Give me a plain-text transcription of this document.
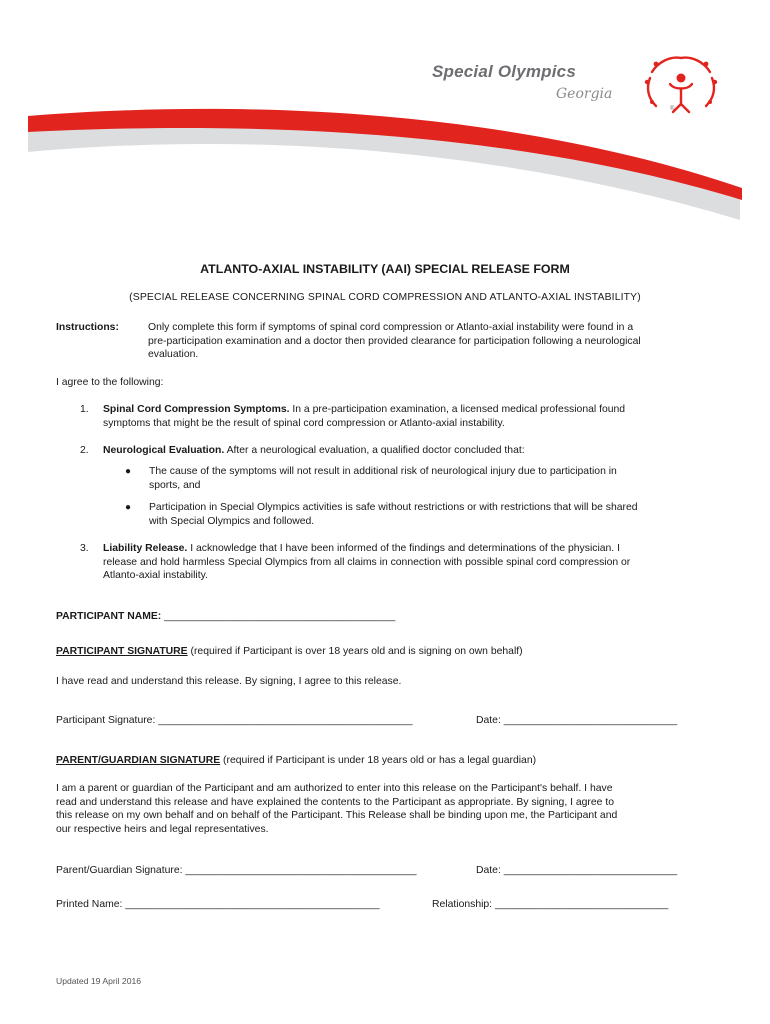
Special Olympics
Georgia
®
ATLANTO-AXIAL INSTABILITY (AAI) SPECIAL RELEASE FORM
(SPECIAL RELEASE CONCERNING SPINAL CORD COMPRESSION AND ATLANTO-AXIAL INSTABILITY)
Instructions:	Only complete this form if symptoms of spinal cord compression or Atlanto-axial instability were found in a
pre-participation examination and a doctor then provided clearance for participation following a neurological
evaluation.
I agree to the following:
1. Spinal Cord Compression Symptoms. In a pre-participation examination, a licensed medical professional found
symptoms that might be the result of spinal cord compression or Atlanto-axial instability.
2. Neurological Evaluation. After a neurological evaluation, a qualified doctor concluded that:
● The cause of the symptoms will not result in additional risk of neurological injury due to participation in
sports, and
● Participation in Special Olympics activities is safe without restrictions or with restrictions that will be shared
with Special Olympics and followed.
3. Liability Release. I acknowledge that I have been informed of the findings and determinations of the physician. I
release and hold harmless Special Olympics from all claims in connection with possible spinal cord compression or
Atlanto-axial instability.
PARTICIPANT NAME: ________________________________________
PARTICIPANT SIGNATURE (required if Participant is over 18 years old and is signing on own behalf)
I have read and understand this release. By signing, I agree to this release.
Participant Signature: ____________________________________________	Date: ______________________________
PARENT/GUARDIAN SIGNATURE (required if Participant is under 18 years old or has a legal guardian)
I am a parent or guardian of the Participant and am authorized to enter into this release on the Participant's behalf. I have
read and understand this release and have explained the contents to the Participant as appropriate. By signing, I agree to
this release on my own behalf and on behalf of the Participant. This Release shall be binding upon me, the Participant and
our respective heirs and legal representatives.
Parent/Guardian Signature: ________________________________________	Date: ______________________________
Printed Name: ____________________________________________	Relationship: ______________________________
Updated 19 April 2016
